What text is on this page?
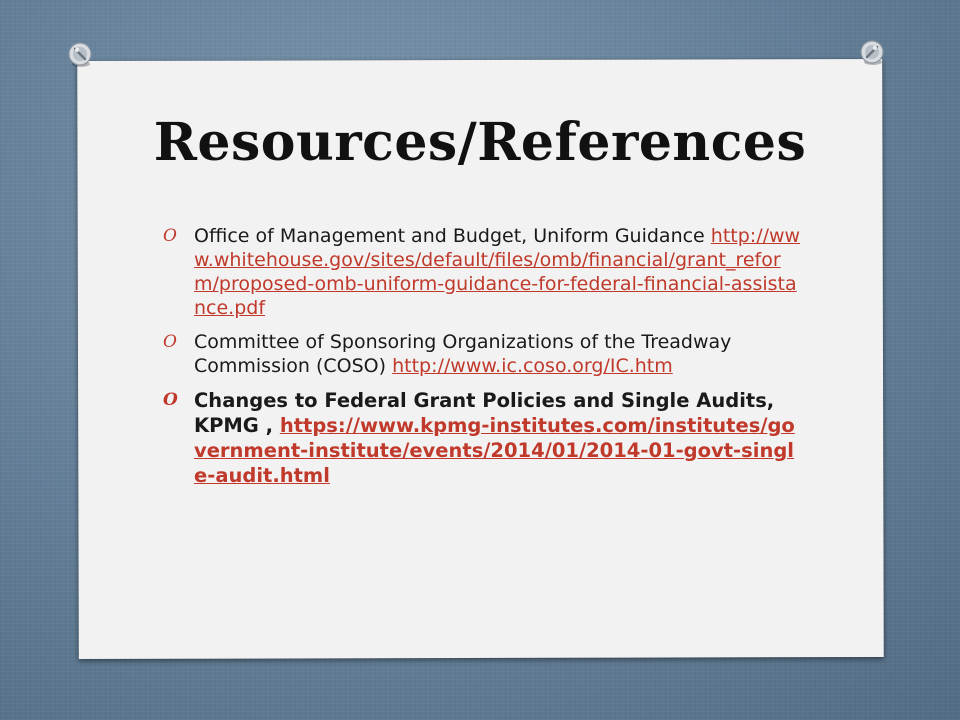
Resources/References
O Office of Management and Budget, Uniform Guidance http://www.whitehouse.gov/sites/default/files/omb/financial/grant_reform/proposed-omb-uniform-guidance-for-federal-financial-assistance.pdf
O Committee of Sponsoring Organizations of the Treadway Commission (COSO) http://www.ic.coso.org/IC.htm
O Changes to Federal Grant Policies and Single Audits, KPMG , https://www.kpmg-institutes.com/institutes/government-institute/events/2014/01/2014-01-govt-single-audit.html
